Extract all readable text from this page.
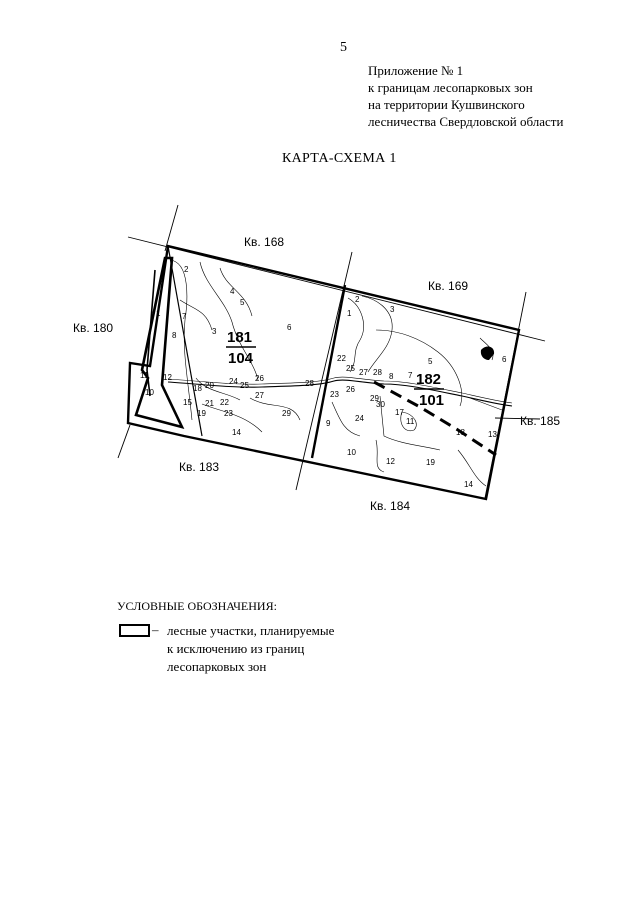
5
Приложение № 1
к границам лесопарковых зон
на территории Кушвинского
лесничества Свердловской области
КАРТА-СХЕМА 1
Кв. 168
Кв. 169
Кв. 180
Кв. 183
Кв. 184
Кв. 185
181
104
182
101
1
2
3
4
5
6
7
8
10
11 12
14
15
18
19
20
21 22
23
24 25
26
27
28
29
1
2
3
5	6
7
8
9
10
11
12
13
14
17
18
19
22
23
24
25
26
27 28
29
30
УСЛОВНЫЕ ОБОЗНАЧЕНИЯ:
– лесные участки, планируемые
к исключению из границ
лесопарковых зон
